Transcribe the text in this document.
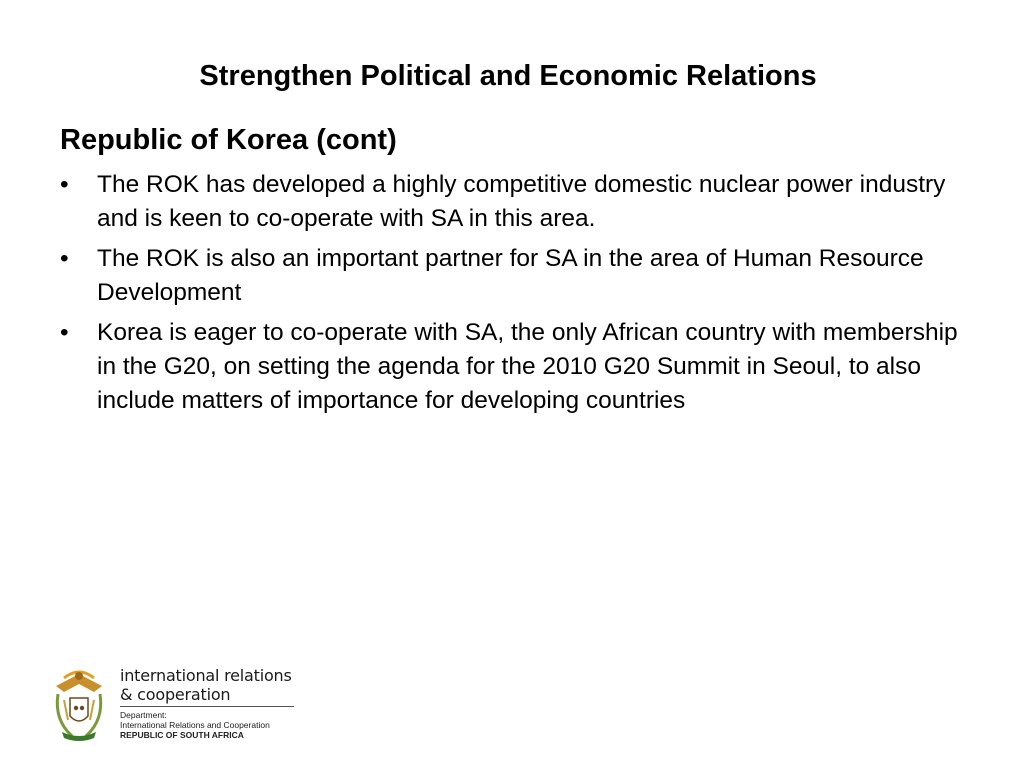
Strengthen Political and Economic Relations
Republic of Korea (cont)
•	The ROK has developed a highly competitive domestic nuclear power industry and is keen to co-operate with SA in this area.
•	The ROK is also an important partner for SA in the area of Human Resource Development
•	Korea is eager to co-operate with SA, the only African country with membership in the G20, on setting the agenda for the 2010 G20 Summit in Seoul, to also include matters of importance for developing countries
international relations
& cooperation
Department:
International Relations and Cooperation
REPUBLIC OF SOUTH AFRICA
